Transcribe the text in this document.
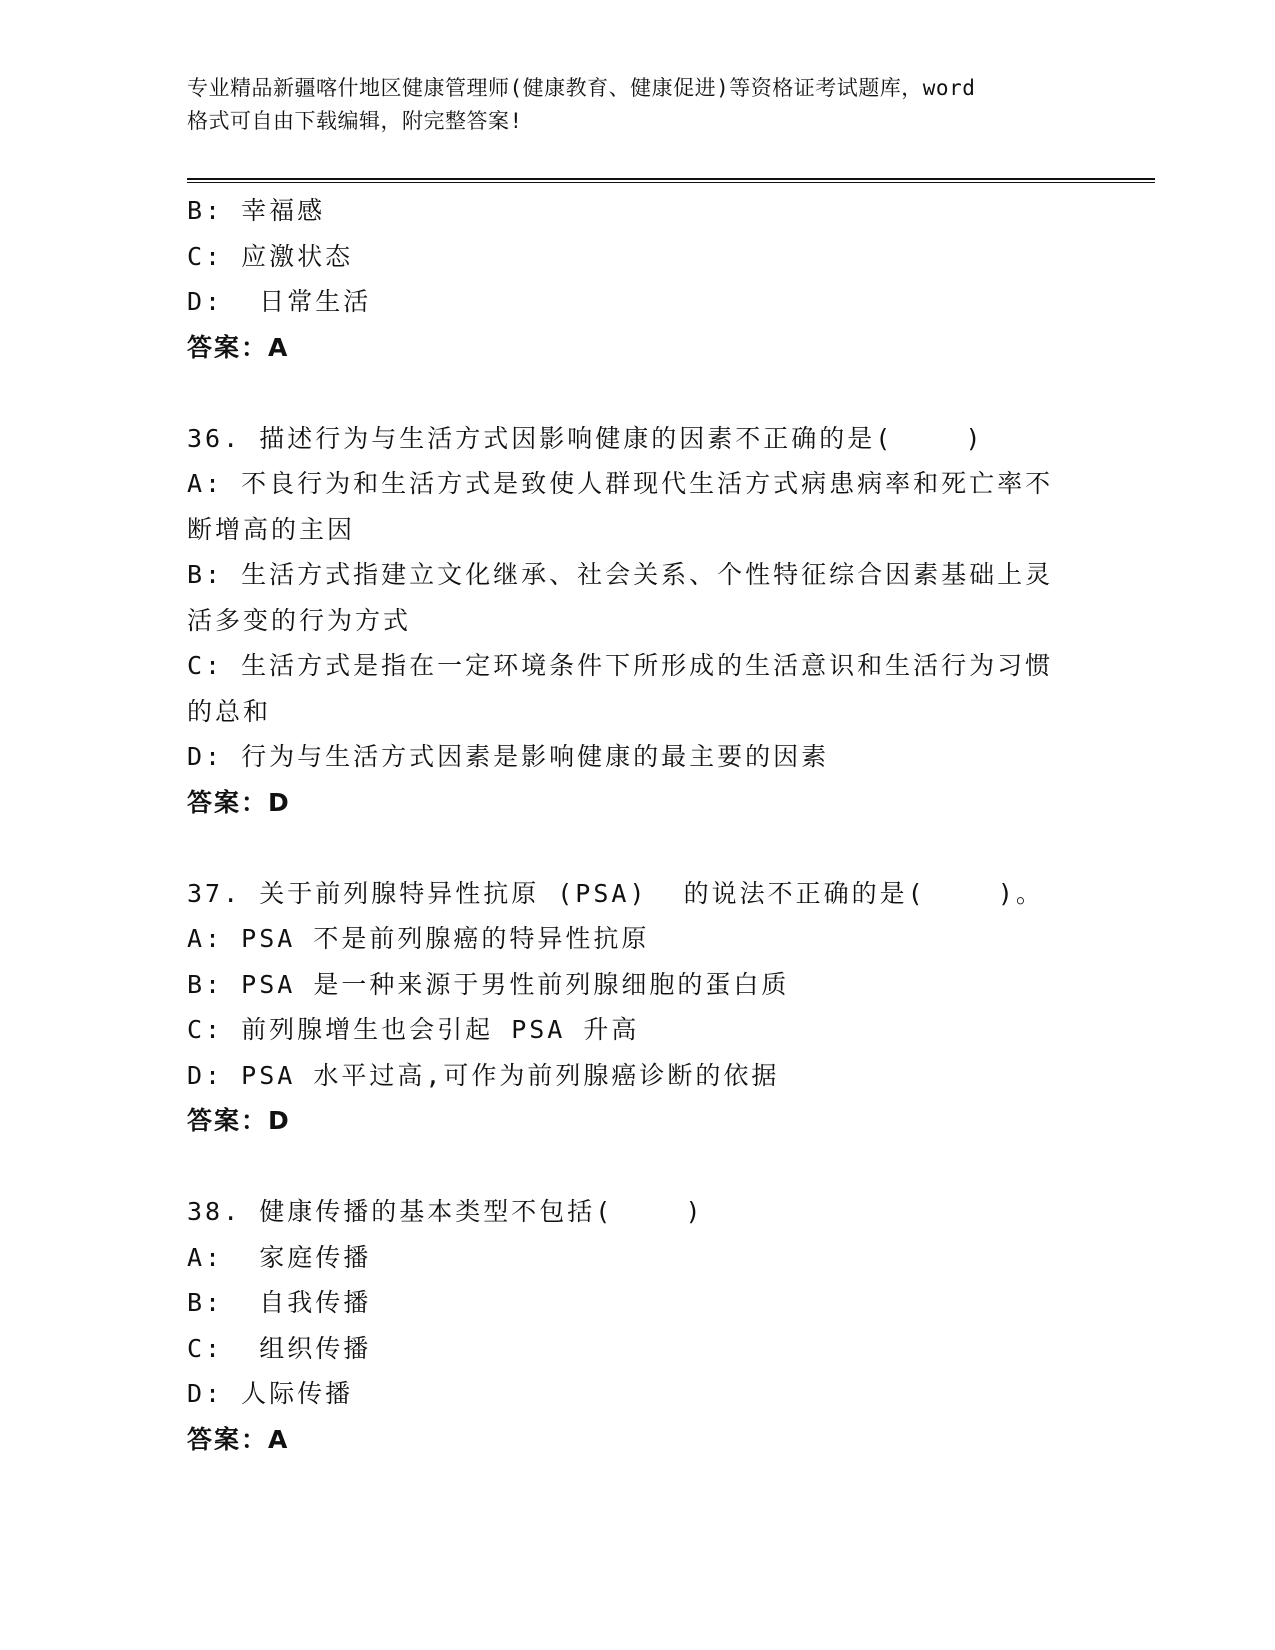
专业精品新疆喀什地区健康管理师(健康教育、健康促进)等资格证考试题库，word
格式可自由下载编辑，附完整答案!
B: 幸福感
C: 应激状态
D:  日常生活
答案：A
36. 描述行为与生活方式因影响健康的因素不正确的是(    )
A: 不良行为和生活方式是致使人群现代生活方式病患病率和死亡率不
断增高的主因
B: 生活方式指建立文化继承、社会关系、个性特征综合因素基础上灵
活多变的行为方式
C: 生活方式是指在一定环境条件下所形成的生活意识和生活行为习惯
的总和
D: 行为与生活方式因素是影响健康的最主要的因素
答案：D
37. 关于前列腺特异性抗原 (PSA)  的说法不正确的是(    )。
A: PSA 不是前列腺癌的特异性抗原
B: PSA 是一种来源于男性前列腺细胞的蛋白质
C: 前列腺增生也会引起 PSA 升高
D: PSA 水平过高,可作为前列腺癌诊断的依据
答案：D
38. 健康传播的基本类型不包括(    )
A:  家庭传播
B:  自我传播
C:  组织传播
D: 人际传播
答案：A
